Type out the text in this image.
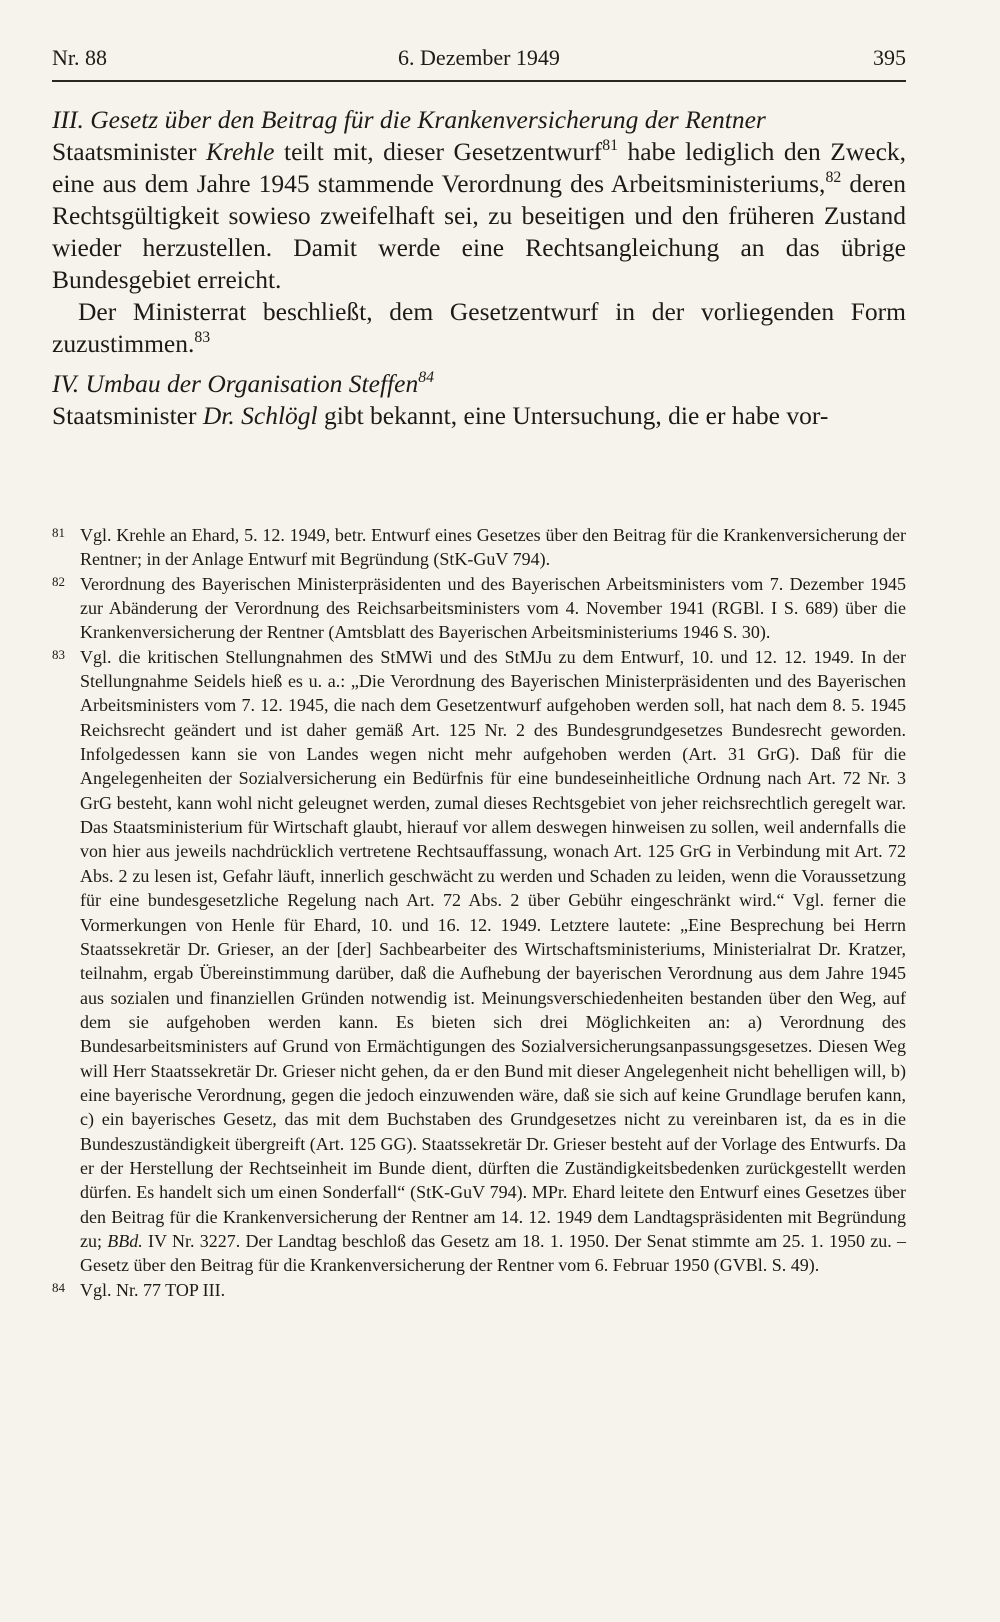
Nr. 88	6. Dezember 1949	395

III. Gesetz über den Beitrag für die Krankenversicherung der Rentner

Staatsminister Krehle teilt mit, dieser Gesetzentwurf$^{81}$ habe lediglich den Zweck, eine aus dem Jahre 1945 stammende Verordnung des Arbeitsministeriums,$^{82}$ deren Rechtsgültigkeit sowieso zweifelhaft sei, zu beseitigen und den früheren Zustand wieder herzustellen. Damit werde eine Rechtsangleichung an das übrige Bundesgebiet erreicht.

Der Ministerrat beschließt, dem Gesetzentwurf in der vorliegenden Form zuzustimmen.$^{83}$

IV. Umbau der Organisation Steffen$^{84}$

Staatsminister Dr. Schlögl gibt bekannt, eine Untersuchung, die er habe vor-

81 Vgl. Krehle an Ehard, 5. 12. 1949, betr. Entwurf eines Gesetzes über den Beitrag für die Krankenversicherung der Rentner; in der Anlage Entwurf mit Begründung (StK-GuV 794).

82 Verordnung des Bayerischen Ministerpräsidenten und des Bayerischen Arbeitsministers vom 7. Dezember 1945 zur Abänderung der Verordnung des Reichsarbeitsministers vom 4. November 1941 (RGBl. I S. 689) über die Krankenversicherung der Rentner (Amtsblatt des Bayerischen Arbeitsministeriums 1946 S. 30).

83 Vgl. die kritischen Stellungnahmen des StMWi und des StMJu zu dem Entwurf, 10. und 12. 12. 1949. In der Stellungnahme Seidels hieß es u. a.: „Die Verordnung des Bayerischen Ministerpräsidenten und des Bayerischen Arbeitsministers vom 7. 12. 1945, die nach dem Gesetzentwurf aufgehoben werden soll, hat nach dem 8. 5. 1945 Reichsrecht geändert und ist daher gemäß Art. 125 Nr. 2 des Bundesgrundgesetzes Bundesrecht geworden. Infolgedessen kann sie von Landes wegen nicht mehr aufgehoben werden (Art. 31 GrG). Daß für die Angelegenheiten der Sozialversicherung ein Bedürfnis für eine bundeseinheitliche Ordnung nach Art. 72 Nr. 3 GrG besteht, kann wohl nicht geleugnet werden, zumal dieses Rechtsgebiet von jeher reichsrechtlich geregelt war. Das Staatsministerium für Wirtschaft glaubt, hierauf vor allem deswegen hinweisen zu sollen, weil andernfalls die von hier aus jeweils nachdrücklich vertretene Rechtsauffassung, wonach Art. 125 GrG in Verbindung mit Art. 72 Abs. 2 zu lesen ist, Gefahr läuft, innerlich geschwächt zu werden und Schaden zu leiden, wenn die Voraussetzung für eine bundesgesetzliche Regelung nach Art. 72 Abs. 2 über Gebühr eingeschränkt wird.“ Vgl. ferner die Vormerkungen von Henle für Ehard, 10. und 16. 12. 1949. Letztere lautete: „Eine Besprechung bei Herrn Staatssekretär Dr. Grieser, an der [der] Sachbearbeiter des Wirtschaftsministeriums, Ministerialrat Dr. Kratzer, teilnahm, ergab Übereinstimmung darüber, daß die Aufhebung der bayerischen Verordnung aus dem Jahre 1945 aus sozialen und finanziellen Gründen notwendig ist. Meinungsverschiedenheiten bestanden über den Weg, auf dem sie aufgehoben werden kann. Es bieten sich drei Möglichkeiten an: a) Verordnung des Bundesarbeitsministers auf Grund von Ermächtigungen des Sozialversicherungsanpassungsgesetzes. Diesen Weg will Herr Staatssekretär Dr. Grieser nicht gehen, da er den Bund mit dieser Angelegenheit nicht behelligen will, b) eine bayerische Verordnung, gegen die jedoch einzuwenden wäre, daß sie sich auf keine Grundlage berufen kann, c) ein bayerisches Gesetz, das mit dem Buchstaben des Grundgesetzes nicht zu vereinbaren ist, da es in die Bundeszuständigkeit übergreift (Art. 125 GG). Staatssekretär Dr. Grieser besteht auf der Vorlage des Entwurfs. Da er der Herstellung der Rechtseinheit im Bunde dient, dürften die Zuständigkeitsbedenken zurückgestellt werden dürfen. Es handelt sich um einen Sonderfall“ (StK-GuV 794). MPr. Ehard leitete den Entwurf eines Gesetzes über den Beitrag für die Krankenversicherung der Rentner am 14. 12. 1949 dem Landtagspräsidenten mit Begründung zu; BBd. IV Nr. 3227. Der Landtag beschloß das Gesetz am 18. 1. 1950. Der Senat stimmte am 25. 1. 1950 zu. – Gesetz über den Beitrag für die Krankenversicherung der Rentner vom 6. Februar 1950 (GVBl. S. 49).

84 Vgl. Nr. 77 TOP III.
